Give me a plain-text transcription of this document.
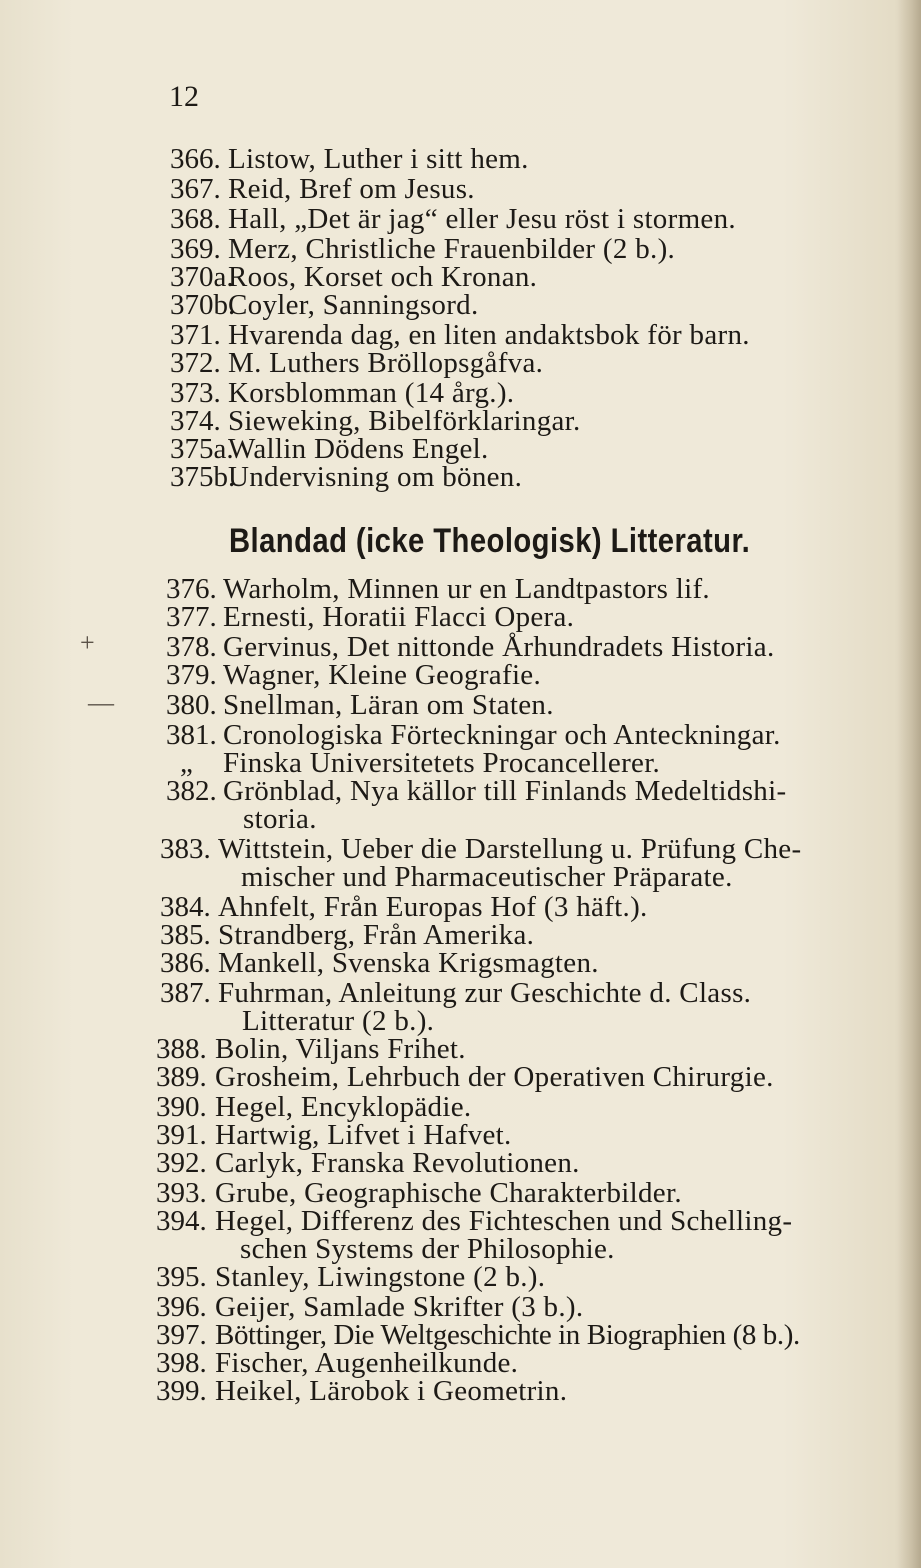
12
+
—
Blandad (icke Theologisk) Litteratur.
366. Listow, Luther i sitt hem.
367. Reid, Bref om Jesus.
368. Hall, „Det är jag“ eller Jesu röst i stormen.
369. Merz, Christliche Frauenbilder (2 b.).
370a.
Roos, Korset och Kronan.
370b.
Coyler, Sanningsord.
371. Hvarenda dag, en liten andaktsbok för barn.
372. M. Luthers Bröllopsgåfva.
373. Korsblomman (14 årg.).
374. Sieweking, Bibelförklaringar.
375a.
Wallin Dödens Engel.
375b.
Undervisning om bönen.
376. Warholm, Minnen ur en Landtpastors lif.
377. Ernesti, Horatii Flacci Opera.
378. Gervinus, Det nittonde Århundradets Historia.
379. Wagner, Kleine Geografie.
380. Snellman, Läran om Staten.
381. Cronologiska Förteckningar och Anteckningar.
„ Finska Universitetets Procancellerer.
382. Grönblad, Nya källor till Finlands Medeltidshi-
storia.
383. Wittstein, Ueber die Darstellung u. Prüfung Che-
mischer und Pharmaceutischer Präparate.
384. Ahnfelt, Från Europas Hof (3 häft.).
385. Strandberg, Från Amerika.
386. Mankell, Svenska Krigsmagten.
387. Fuhrman, Anleitung zur Geschichte d. Class.
Litteratur (2 b.).
388. Bolin, Viljans Frihet.
389. Grosheim, Lehrbuch der Operativen Chirurgie.
390. Hegel, Encyklopädie.
391. Hartwig, Lifvet i Hafvet.
392. Carlyk, Franska Revolutionen.
393. Grube, Geographische Charakterbilder.
394. Hegel, Differenz des Fichteschen und Schelling-
schen Systems der Philosophie.
395. Stanley, Liwingstone (2 b.).
396. Geijer, Samlade Skrifter (3 b.).
397. Böttinger, Die Weltgeschichte in Biographien (8 b.).
398. Fischer, Augenheilkunde.
399. Heikel, Lärobok i Geometrin.
